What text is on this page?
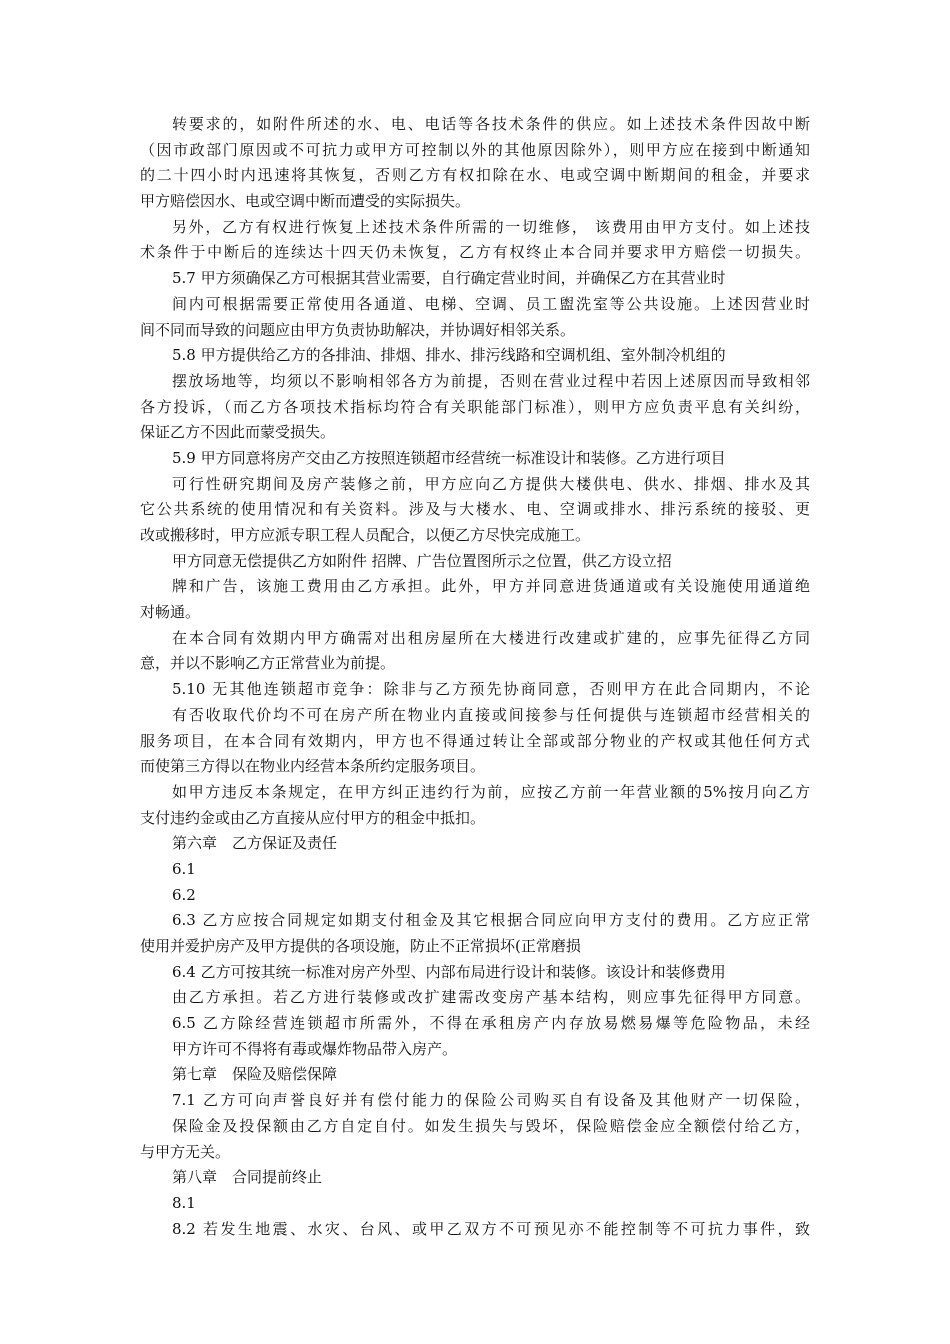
转要求的，如附件所述的水、电、电话等各技术条件的供应。如上述技术条件因故中断
（因市政部门原因或不可抗力或甲方可控制以外的其他原因除外），则甲方应在接到中断通知
的二十四小时内迅速将其恢复，否则乙方有权扣除在水、电或空调中断期间的租金，并要求
甲方赔偿因水、电或空调中断而遭受的实际损失。
另外，乙方有权进行恢复上述技术条件所需的一切维修， 该费用由甲方支付。如上述技
术条件于中断后的连续达十四天仍未恢复，乙方有权终止本合同并要求甲方赔偿一切损失。
5.7 甲方须确保乙方可根据其营业需要，自行确定营业时间，并确保乙方在其营业时
间内可根据需要正常使用各通道、电梯、空调、员工盥洗室等公共设施。上述因营业时
间不同而导致的问题应由甲方负责协助解决，并协调好相邻关系。
5.8 甲方提供给乙方的各排油、排烟、排水、排污线路和空调机组、室外制冷机组的
摆放场地等，均须以不影响相邻各方为前提，否则在营业过程中若因上述原因而导致相邻
各方投诉，（而乙方各项技术指标均符合有关职能部门标准），则甲方应负责平息有关纠纷，
保证乙方不因此而蒙受损失。
5.9 甲方同意将房产交由乙方按照连锁超市经营统一标准设计和装修。乙方进行项目
可行性研究期间及房产装修之前，甲方应向乙方提供大楼供电、供水、排烟、排水及其
它公共系统的使用情况和有关资料。涉及与大楼水、电、空调或排水、排污系统的接驳、更
改或搬移时，甲方应派专职工程人员配合，以便乙方尽快完成施工。
甲方同意无偿提供乙方如附件 招牌、广告位置图所示之位置，供乙方设立招
牌和广告，该施工费用由乙方承担。此外，甲方并同意进货通道或有关设施使用通道绝
对畅通。
在本合同有效期内甲方确需对出租房屋所在大楼进行改建或扩建的，应事先征得乙方同
意，并以不影响乙方正常营业为前提。
5.10 无其他连锁超市竞争：除非与乙方预先协商同意，否则甲方在此合同期内，不论
有否收取代价均不可在房产所在物业内直接或间接参与任何提供与连锁超市经营相关的
服务项目，在本合同有效期内，甲方也不得通过转让全部或部分物业的产权或其他任何方式
而使第三方得以在物业内经营本条所约定服务项目。
如甲方违反本条规定，在甲方纠正违约行为前，应按乙方前一年营业额的5%按月向乙方
支付违约金或由乙方直接从应付甲方的租金中抵扣。
第六章　乙方保证及责任
6.1
6.2
6.3 乙方应按合同规定如期支付租金及其它根据合同应向甲方支付的费用。乙方应正常
使用并爱护房产及甲方提供的各项设施，防止不正常损坏(正常磨损
6.4 乙方可按其统一标准对房产外型、内部布局进行设计和装修。该设计和装修费用
由乙方承担。若乙方进行装修或改扩建需改变房产基本结构，则应事先征得甲方同意。
6.5 乙方除经营连锁超市所需外，不得在承租房产内存放易燃易爆等危险物品，未经
甲方许可不得将有毒或爆炸物品带入房产。
第七章　保险及赔偿保障
7.1 乙方可向声誉良好并有偿付能力的保险公司购买自有设备及其他财产一切保险，
保险金及投保额由乙方自定自付。如发生损失与毁坏，保险赔偿金应全额偿付给乙方，
与甲方无关。
第八章　合同提前终止
8.1
8.2 若发生地震、水灾、台风、或甲乙双方不可预见亦不能控制等不可抗力事件，致
